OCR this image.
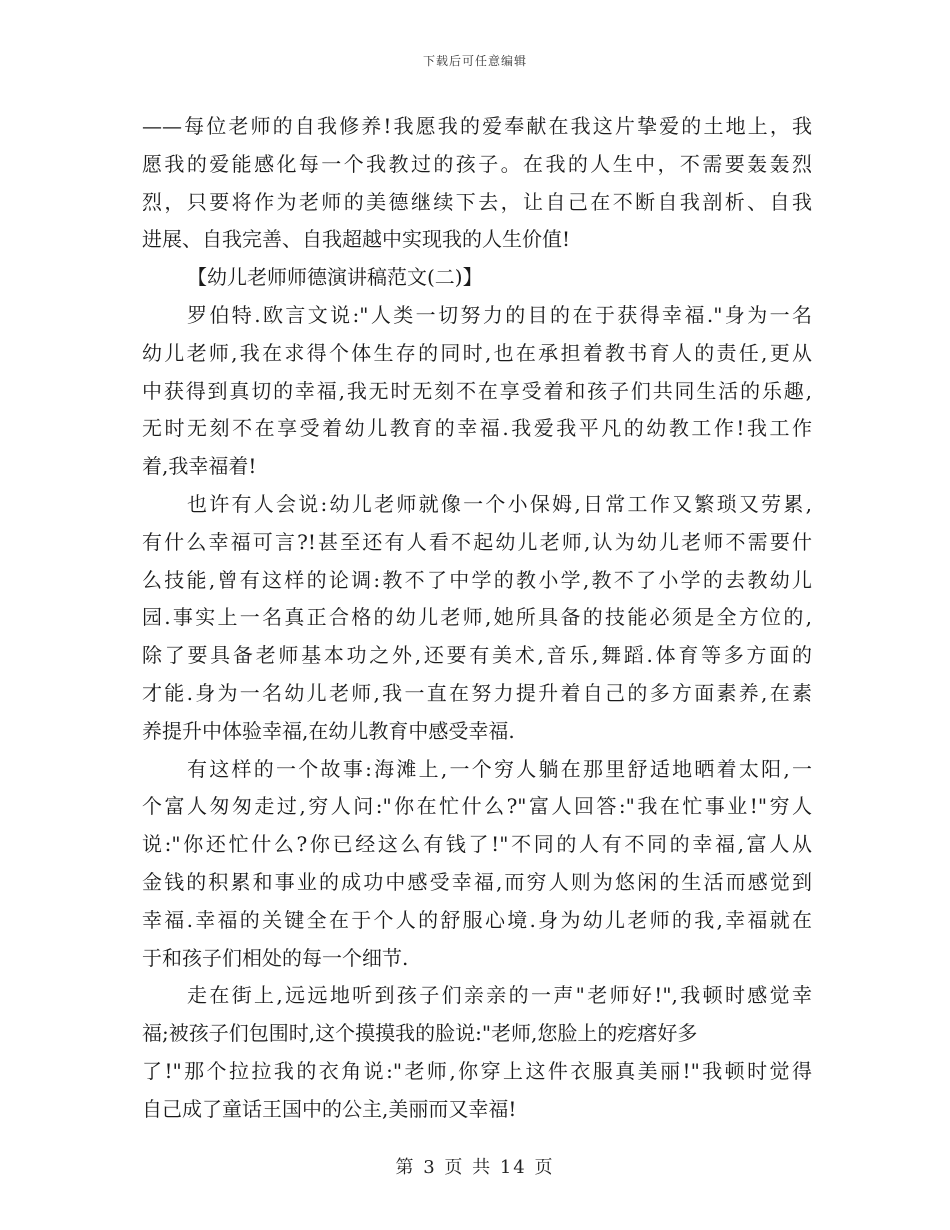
下载后可任意编辑
——每位老师的自我修养!我愿我的爱奉献在我这片挚爱的土地上，我
愿我的爱能感化每一个我教过的孩子。在我的人生中，不需要轰轰烈
烈，只要将作为老师的美德继续下去，让自己在不断自我剖析、自我
进展、自我完善、自我超越中实现我的人生价值!
【幼儿老师师德演讲稿范文(二)】
罗伯特.欧言文说:"人类一切努力的目的在于获得幸福."身为一名
幼儿老师,我在求得个体生存的同时,也在承担着教书育人的责任,更从
中获得到真切的幸福,我无时无刻不在享受着和孩子们共同生活的乐趣,
无时无刻不在享受着幼儿教育的幸福.我爱我平凡的幼教工作!我工作
着,我幸福着!
也许有人会说:幼儿老师就像一个小保姆,日常工作又繁琐又劳累,
有什么幸福可言?!甚至还有人看不起幼儿老师,认为幼儿老师不需要什
么技能,曾有这样的论调:教不了中学的教小学,教不了小学的去教幼儿
园.事实上一名真正合格的幼儿老师,她所具备的技能必须是全方位的,
除了要具备老师基本功之外,还要有美术,音乐,舞蹈.体育等多方面的
才能.身为一名幼儿老师,我一直在努力提升着自己的多方面素养,在素
养提升中体验幸福,在幼儿教育中感受幸福.
有这样的一个故事:海滩上,一个穷人躺在那里舒适地晒着太阳,一
个富人匆匆走过,穷人问:"你在忙什么?"富人回答:"我在忙事业!"穷人
说:"你还忙什么?你已经这么有钱了!"不同的人有不同的幸福,富人从
金钱的积累和事业的成功中感受幸福,而穷人则为悠闲的生活而感觉到
幸福.幸福的关键全在于个人的舒服心境.身为幼儿老师的我,幸福就在
于和孩子们相处的每一个细节.
走在街上,远远地听到孩子们亲亲的一声"老师好!",我顿时感觉幸
福;被孩子们包围时,这个摸摸我的脸说:"老师,您脸上的疙瘩好多
了!"那个拉拉我的衣角说:"老师,你穿上这件衣服真美丽!"我顿时觉得
自己成了童话王国中的公主,美丽而又幸福!
第 3 页 共 14 页
